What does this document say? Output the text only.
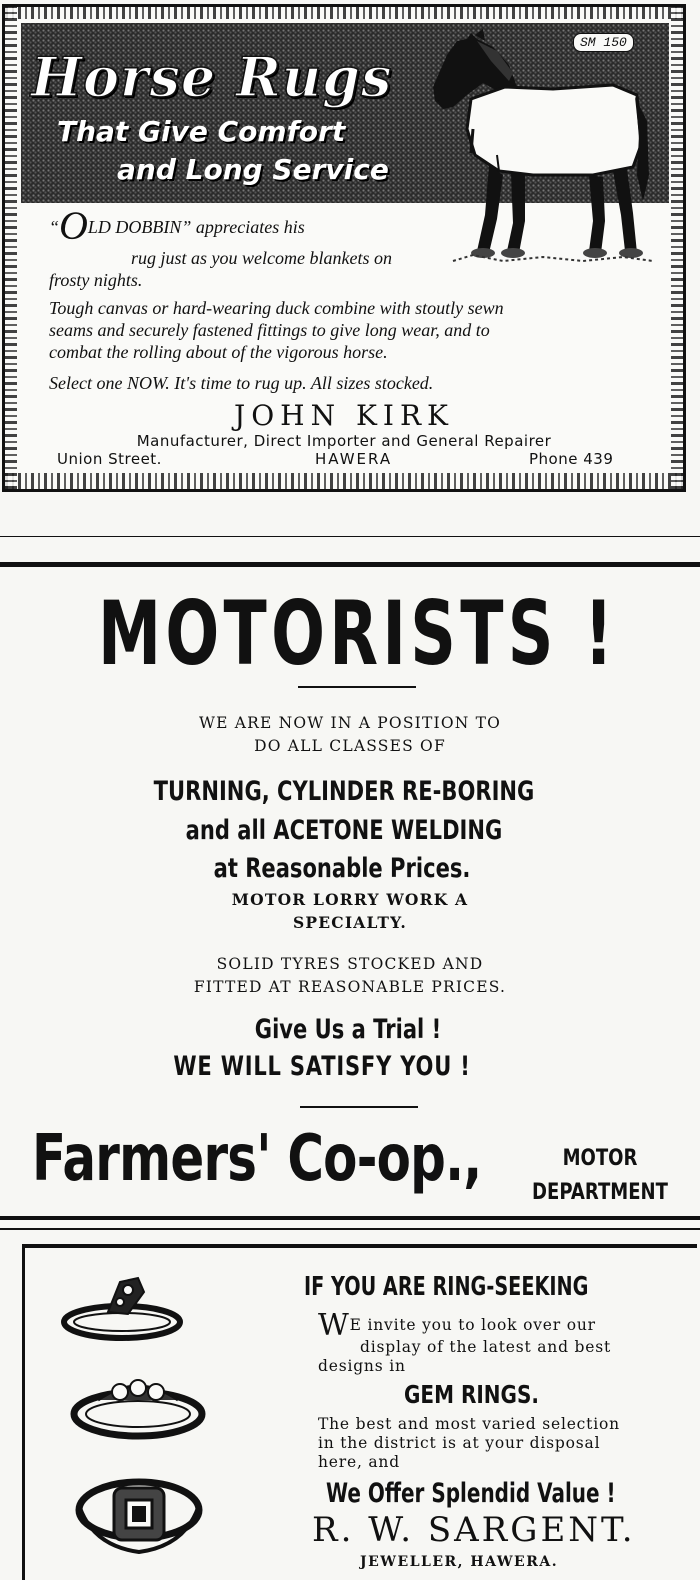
Horse Rugs
That Give Comfort
and Long Service
SM 150
“OLD DOBBIN” appreciates his
rug just as you welcome blankets on
frosty nights.
Tough canvas or hard-wearing duck combine with stoutly sewn
seams and securely fastened fittings to give long wear, and to
combat the rolling about of the vigorous horse.
Select one NOW. It's time to rug up. All sizes stocked.
JOHN KIRK
Manufacturer, Direct Importer and General Repairer
Union Street.	HAWERA	Phone 439
MOTORISTS !
WE ARE NOW IN A POSITION TO
DO ALL CLASSES OF
TURNING, CYLINDER RE-BORING
and all ACETONE WELDING
at Reasonable Prices.
MOTOR LORRY WORK A
SPECIALTY.
SOLID TYRES STOCKED AND
FITTED AT REASONABLE PRICES.
Give Us a Trial !
WE WILL SATISFY YOU !
Farmers' Co-op.,	MOTOR
DEPARTMENT
IF YOU ARE RING-SEEKING
WE invite you to look over our
display of the latest and best
designs in
GEM RINGS.
The best and most varied selection
in the district is at your disposal
here, and
We Offer Splendid Value !
R. W. SARGENT.
JEWELLER, HAWERA.
